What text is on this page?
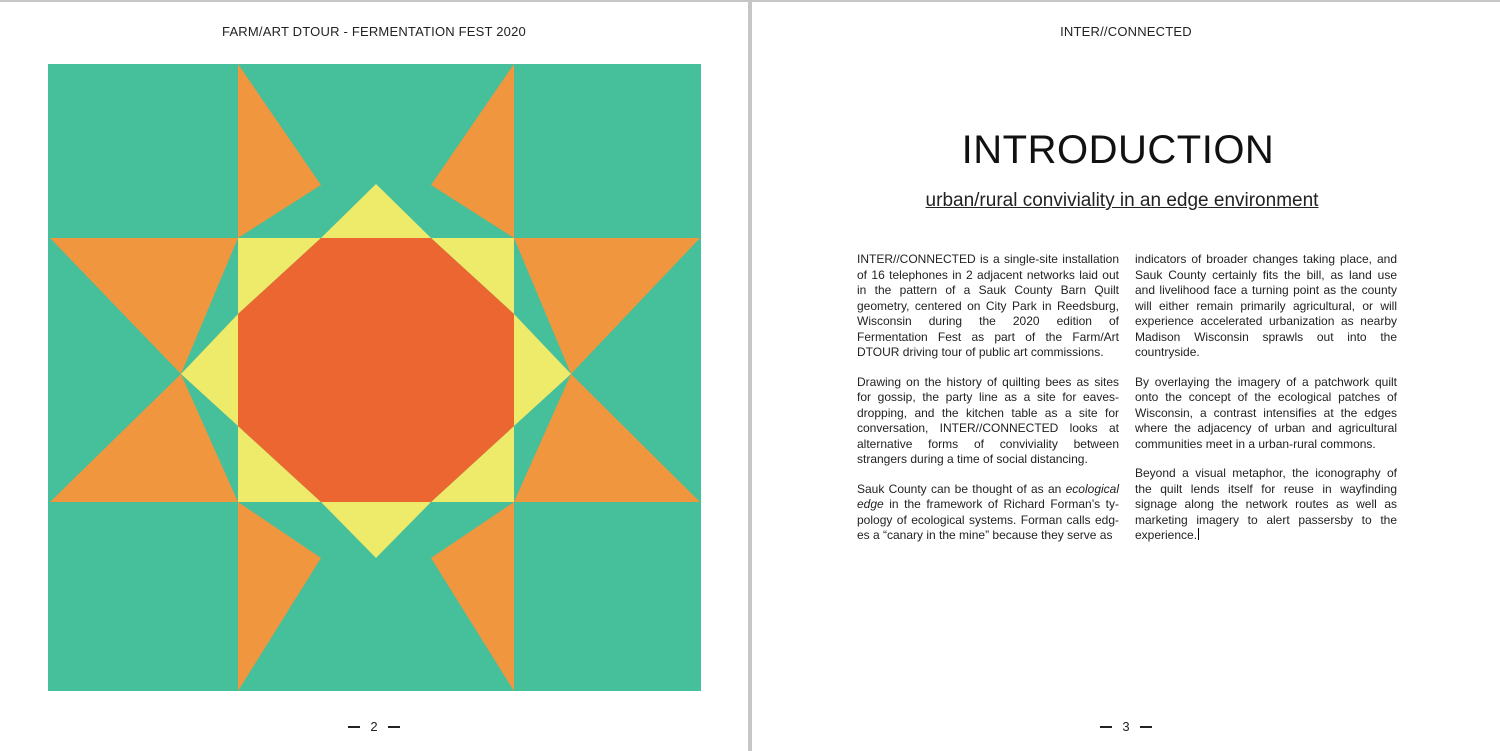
FARM/ART DTOUR - FERMENTATION FEST 2020
2
INTER//CONNECTED
INTRODUCTION
urban/rural conviviality in an edge environment

INTER//CONNECTED is a single-site installation of 16 telephones in 2 adjacent networks laid out in the pattern of a Sauk County Barn Quilt geometry, centered on City Park in Reedsburg, Wisconsin during the 2020 edition of Fermentation Fest as part of the Farm/Art DTOUR driving tour of public art commissions.

Drawing on the history of quilting bees as sites for gossip, the party line as a site for eavesdropping, and the kitchen table as a site for conversation, INTER//CONNECTED looks at alternative forms of conviviality between strangers during a time of social distancing.

Sauk County can be thought of as an ecological edge in the framework of Richard Forman’s typology of ecological systems. Forman calls edges a “canary in the mine” because they serve as

indicators of broader changes taking place, and Sauk County certainly fits the bill, as land use and livelihood face a turning point as the county will either remain primarily agricultural, or will experience accelerated urbanization as nearby Madison Wisconsin sprawls out into the countryside.

By overlaying the imagery of a patchwork quilt onto the concept of the ecological patches of Wisconsin, a contrast intensifies at the edges where the adjacency of urban and agricultural communities meet in a urban-rural commons.

Beyond a visual metaphor, the iconography of the quilt lends itself for reuse in wayfinding signage along the network routes as well as marketing imagery to alert passersby to the experience.

3
